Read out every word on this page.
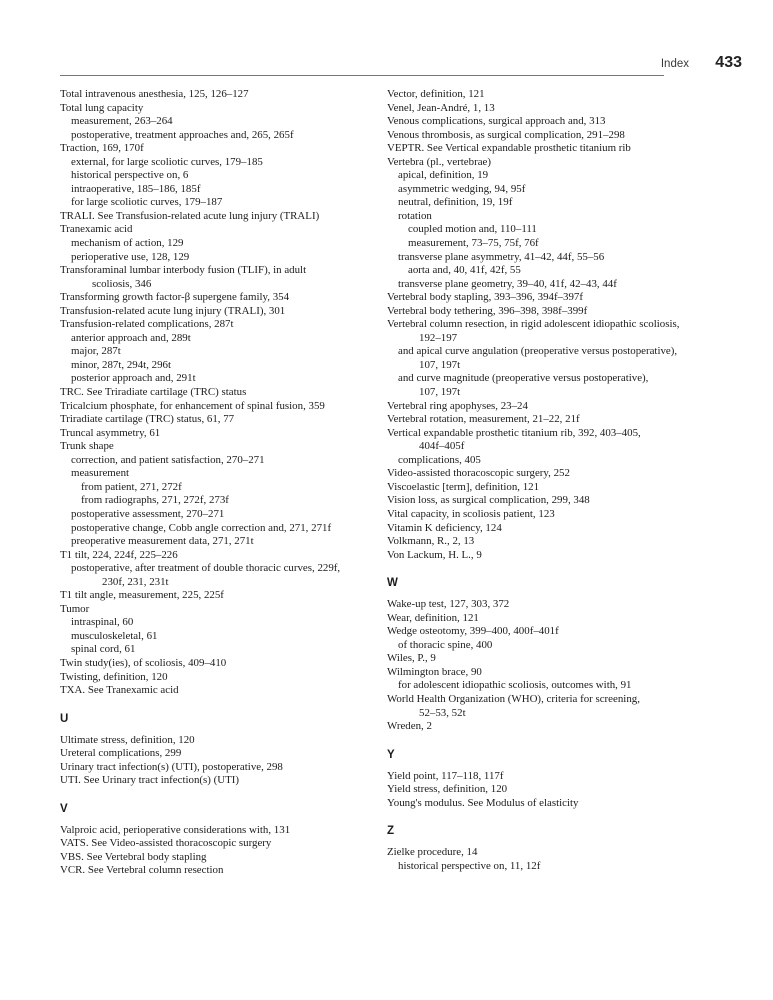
Index 433
Total intravenous anesthesia, 125, 126–127
Total lung capacity
measurement, 263–264
postoperative, treatment approaches and, 265, 265f
Traction, 169, 170f
external, for large scoliotic curves, 179–185
historical perspective on, 6
intraoperative, 185–186, 185f
for large scoliotic curves, 179–187
TRALI. See Transfusion-related acute lung injury (TRALI)
Tranexamic acid
mechanism of action, 129
perioperative use, 128, 129
Transforaminal lumbar interbody fusion (TLIF), in adult
scoliosis, 346
Transforming growth factor-β supergene family, 354
Transfusion-related acute lung injury (TRALI), 301
Transfusion-related complications, 287t
anterior approach and, 289t
major, 287t
minor, 287t, 294t, 296t
posterior approach and, 291t
TRC. See Triradiate cartilage (TRC) status
Tricalcium phosphate, for enhancement of spinal fusion, 359
Triradiate cartilage (TRC) status, 61, 77
Truncal asymmetry, 61
Trunk shape
correction, and patient satisfaction, 270–271
measurement
from patient, 271, 272f
from radiographs, 271, 272f, 273f
postoperative assessment, 270–271
postoperative change, Cobb angle correction and, 271, 271f
preoperative measurement data, 271, 271t
T1 tilt, 224, 224f, 225–226
postoperative, after treatment of double thoracic curves, 229f,
230f, 231, 231t
T1 tilt angle, measurement, 225, 225f
Tumor
intraspinal, 60
musculoskeletal, 61
spinal cord, 61
Twin study(ies), of scoliosis, 409–410
Twisting, definition, 120
TXA. See Tranexamic acid
U
Ultimate stress, definition, 120
Ureteral complications, 299
Urinary tract infection(s) (UTI), postoperative, 298
UTI. See Urinary tract infection(s) (UTI)
V
Valproic acid, perioperative considerations with, 131
VATS. See Video-assisted thoracoscopic surgery
VBS. See Vertebral body stapling
VCR. See Vertebral column resection
Vector, definition, 121
Venel, Jean-André, 1, 13
Venous complications, surgical approach and, 313
Venous thrombosis, as surgical complication, 291–298
VEPTR. See Vertical expandable prosthetic titanium rib
Vertebra (pl., vertebrae)
apical, definition, 19
asymmetric wedging, 94, 95f
neutral, definition, 19, 19f
rotation
coupled motion and, 110–111
measurement, 73–75, 75f, 76f
transverse plane asymmetry, 41–42, 44f, 55–56
aorta and, 40, 41f, 42f, 55
transverse plane geometry, 39–40, 41f, 42–43, 44f
Vertebral body stapling, 393–396, 394f–397f
Vertebral body tethering, 396–398, 398f–399f
Vertebral column resection, in rigid adolescent idiopathic scoliosis,
192–197
and apical curve angulation (preoperative versus postoperative),
107, 197t
and curve magnitude (preoperative versus postoperative),
107, 197t
Vertebral ring apophyses, 23–24
Vertebral rotation, measurement, 21–22, 21f
Vertical expandable prosthetic titanium rib, 392, 403–405,
404f–405f
complications, 405
Video-assisted thoracoscopic surgery, 252
Viscoelastic [term], definition, 121
Vision loss, as surgical complication, 299, 348
Vital capacity, in scoliosis patient, 123
Vitamin K deficiency, 124
Volkmann, R., 2, 13
Von Lackum, H. L., 9
W
Wake-up test, 127, 303, 372
Wear, definition, 121
Wedge osteotomy, 399–400, 400f–401f
of thoracic spine, 400
Wiles, P., 9
Wilmington brace, 90
for adolescent idiopathic scoliosis, outcomes with, 91
World Health Organization (WHO), criteria for screening,
52–53, 52t
Wreden, 2
Y
Yield point, 117–118, 117f
Yield stress, definition, 120
Young's modulus. See Modulus of elasticity
Z
Zielke procedure, 14
historical perspective on, 11, 12f
